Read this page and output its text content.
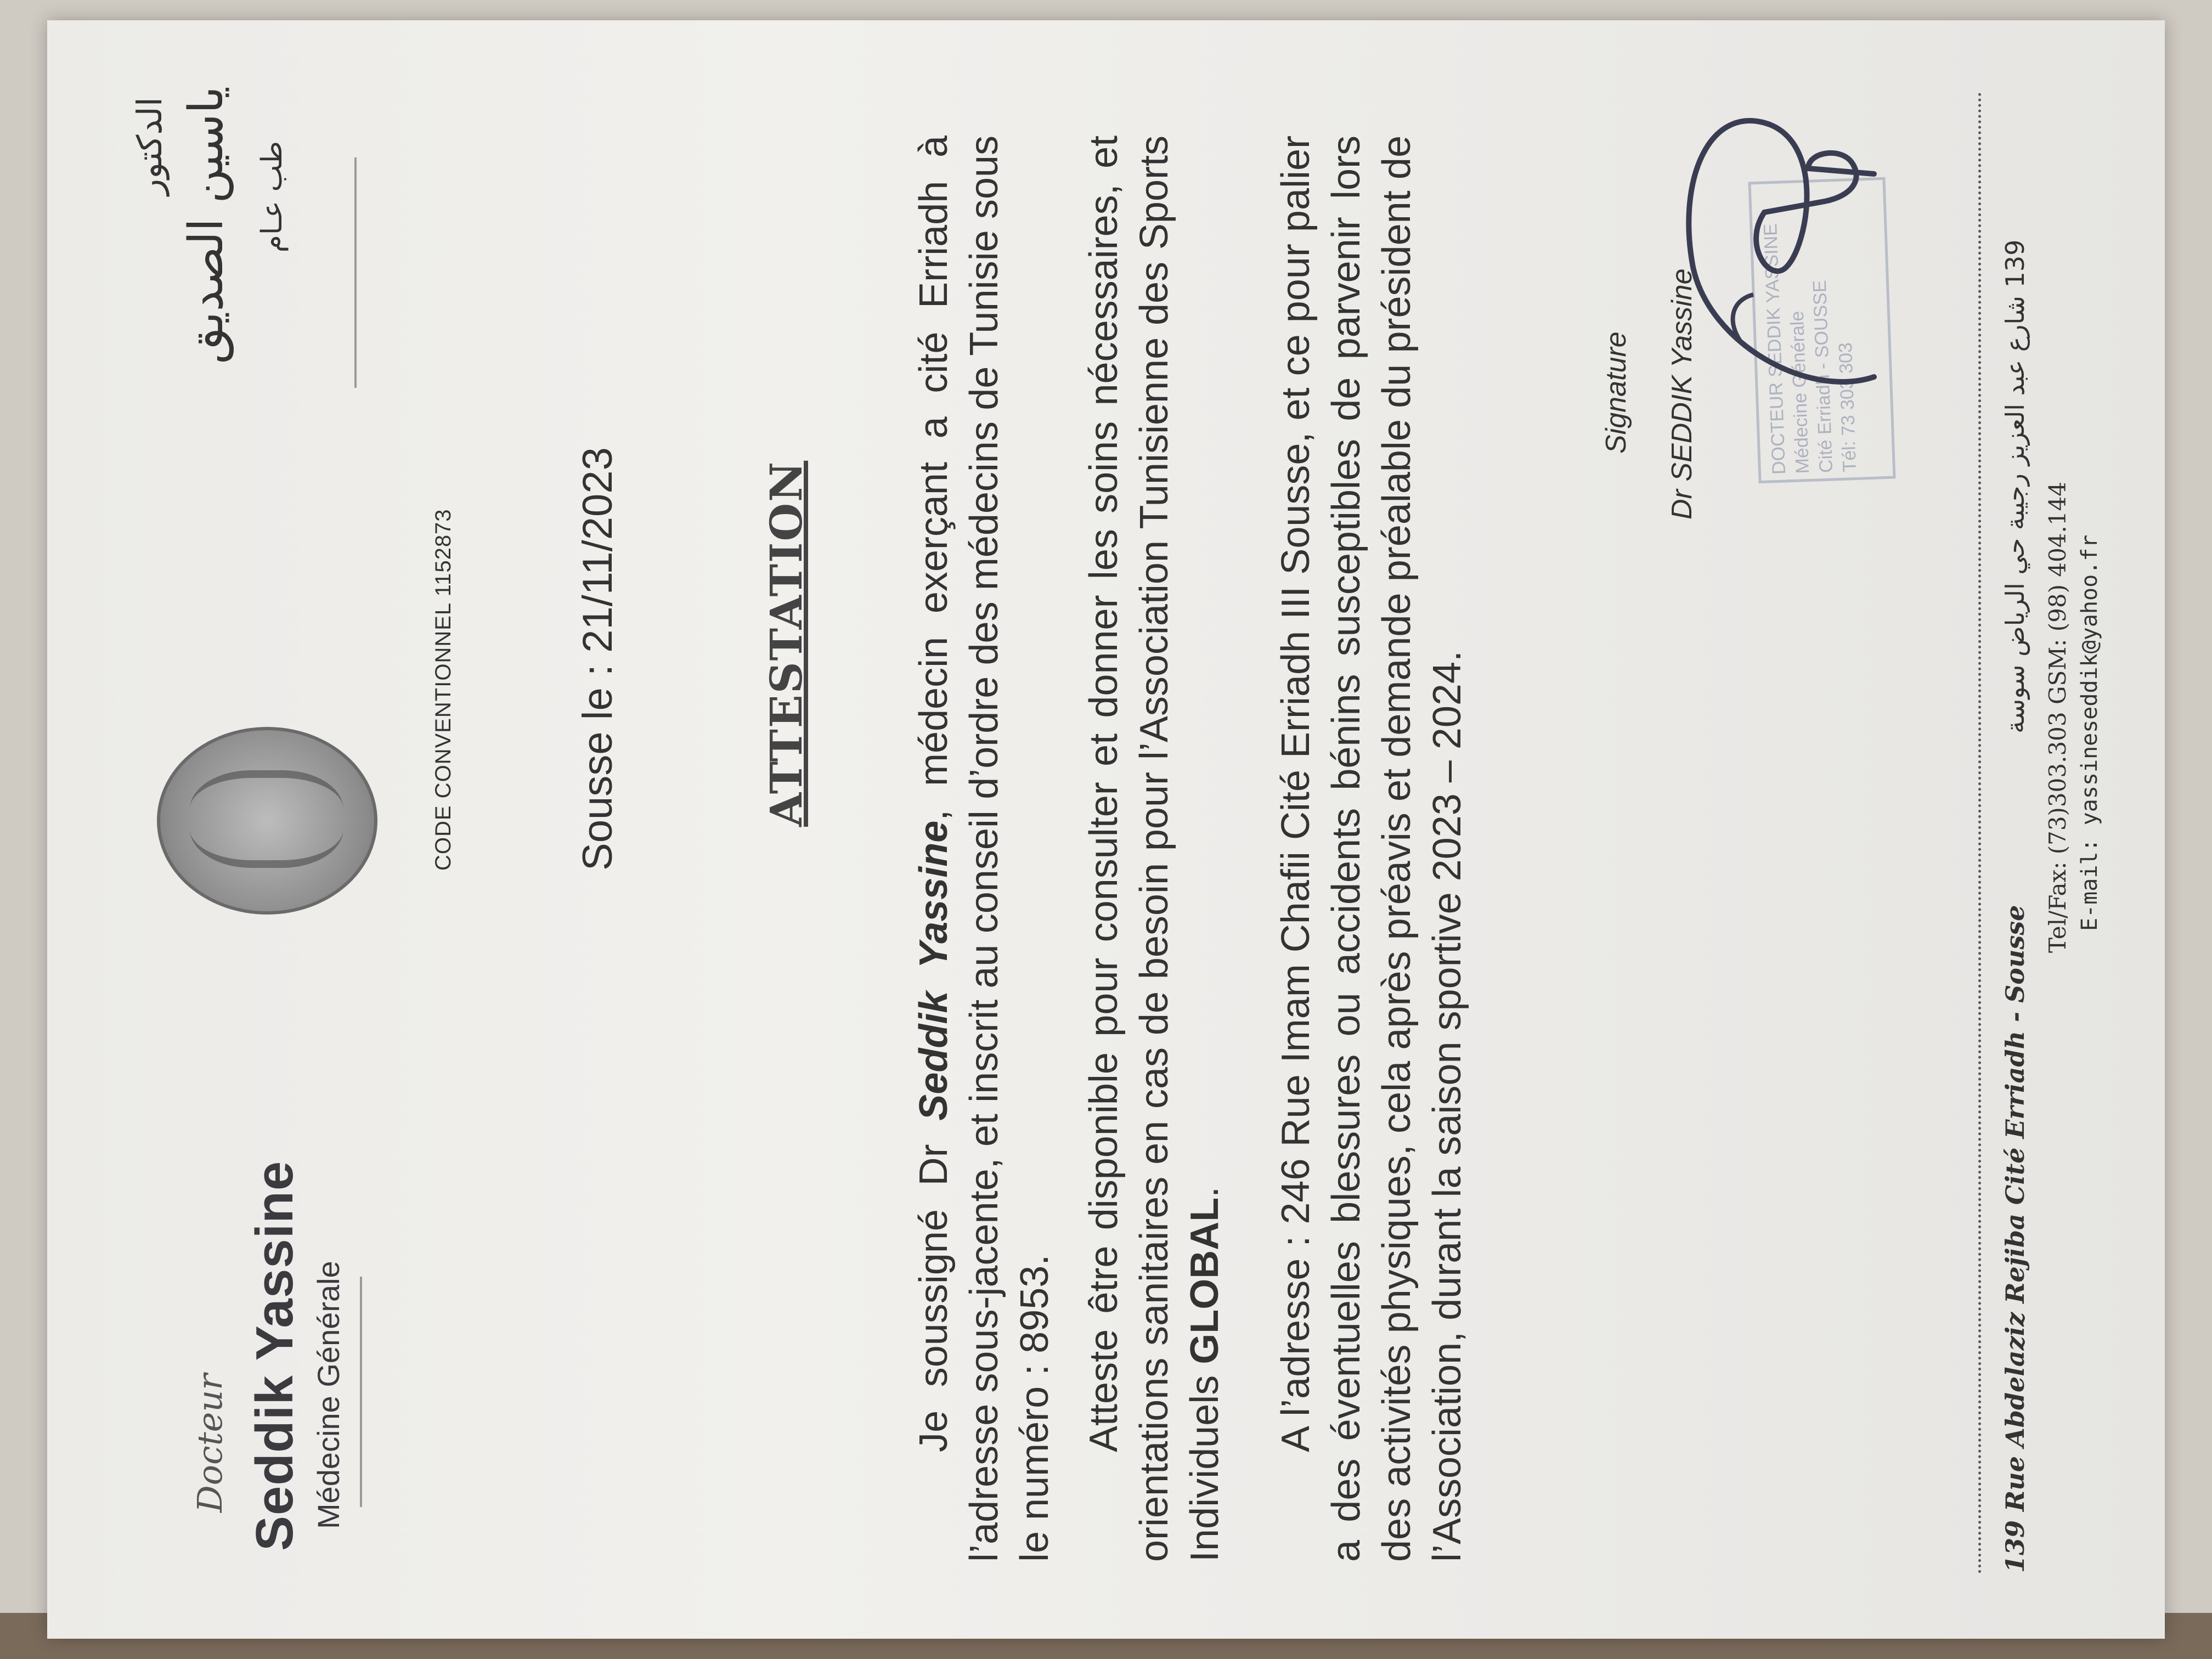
Docteur Seddik Yassine Médecine Générale
الدكتور ياسين الصديق طب عـام
CODE CONVENTIONNEL 1152873	Sousse le : 21/11/2023	ATTESTATION
Je soussigné Dr Seddik Yassine, médecin exerçant a cité Erriadh à l’adresse sous-jacente, et inscrit au conseil d’ordre des médecins de Tunisie sous le numéro : 8953. Atteste être disponible pour consulter et donner les soins nécessaires, et orientations sanitaires en cas de besoin pour l’Association Tunisienne des Sports Individuels GLOBAL. A l’adresse : 246 Rue Imam Chafii Cité Erriadh III Sousse, et ce pour palier a des éventuelles blessures ou accidents bénins susceptibles de parvenir lors des activités physiques, cela après préavis et demande préalable du président de l’Association, durant la saison sportive 2023 – 2024.
Signature Dr SEDDIK Yassine	DOCTEUR SEDDIK YASSINE
Médecine Générale
Cité Erriadh - SOUSSE
Tél: 73 303 303
139 Rue Abdelaziz Rejiba Cité Erriadh - Sousse
139 شارع عبد العزيز رجيبة حي الرياض سوسة
Tel/Fax: (73)303.303 GSM: (98) 404.144 E-mail: yassineseddik@yahoo.fr
